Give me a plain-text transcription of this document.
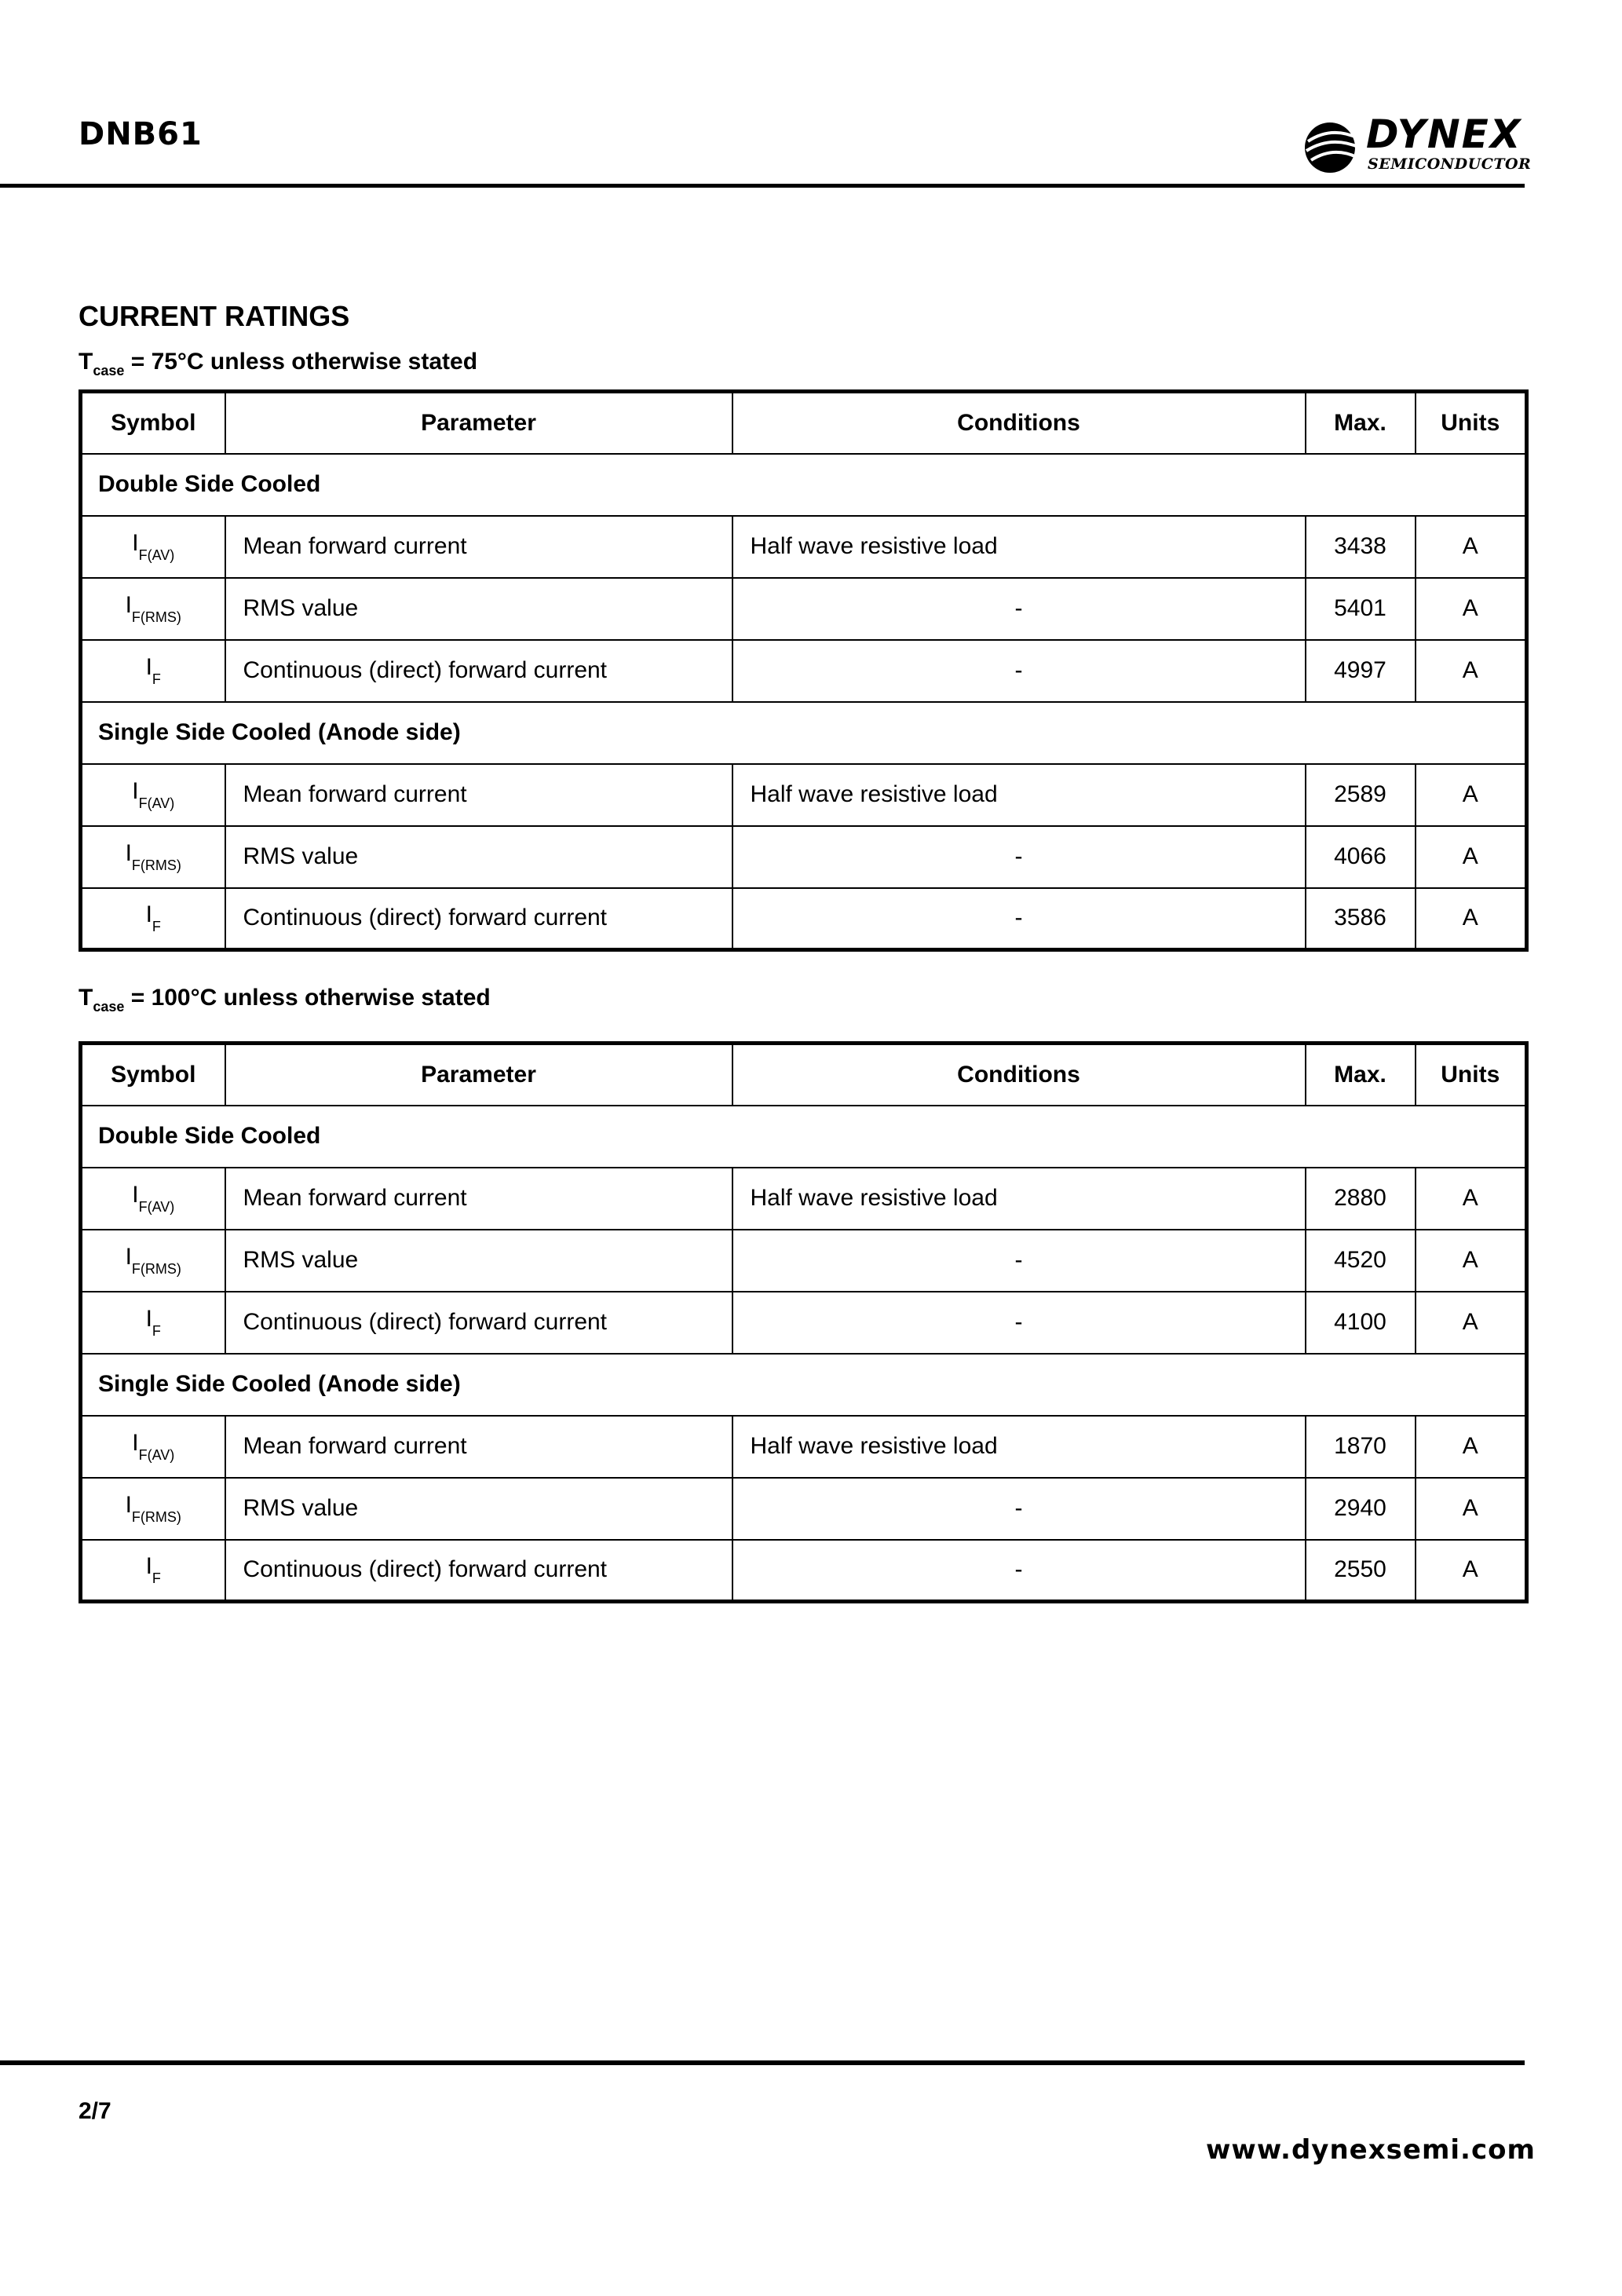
DNB61	DYNEX
SEMICONDUCTOR
CURRENT RATINGS
$T_{case} = 75^\circ C$ unless otherwise stated
Symbol	Parameter	Conditions	Max.	Units
Double Side Cooled				
$I_{F(AV)}$	Mean forward current	Half wave resistive load	3438	A
$I_{F(RMS)}$	RMS value	-	5401	A
$I_F$	Continuous (direct) forward current	-	4997	A
Single Side Cooled (Anode side)				
$I_{F(AV)}$	Mean forward current	Half wave resistive load	2589	A
$I_{F(RMS)}$	RMS value	-	4066	A
$I_F$	Continuous (direct) forward current	-	3586	A
$T_{case} = 100^\circ C$ unless otherwise stated
Symbol	Parameter	Conditions	Max.	Units
Double Side Cooled				
$I_{F(AV)}$	Mean forward current	Half wave resistive load	2880	A
$I_{F(RMS)}$	RMS value	-	4520	A
$I_F$	Continuous (direct) forward current	-	4100	A
Single Side Cooled (Anode side)				
$I_{F(AV)}$	Mean forward current	Half wave resistive load	1870	A
$I_{F(RMS)}$	RMS value	-	2940	A
$I_F$	Continuous (direct) forward current	-	2550	A
2/7
www.dynexsemi.com
